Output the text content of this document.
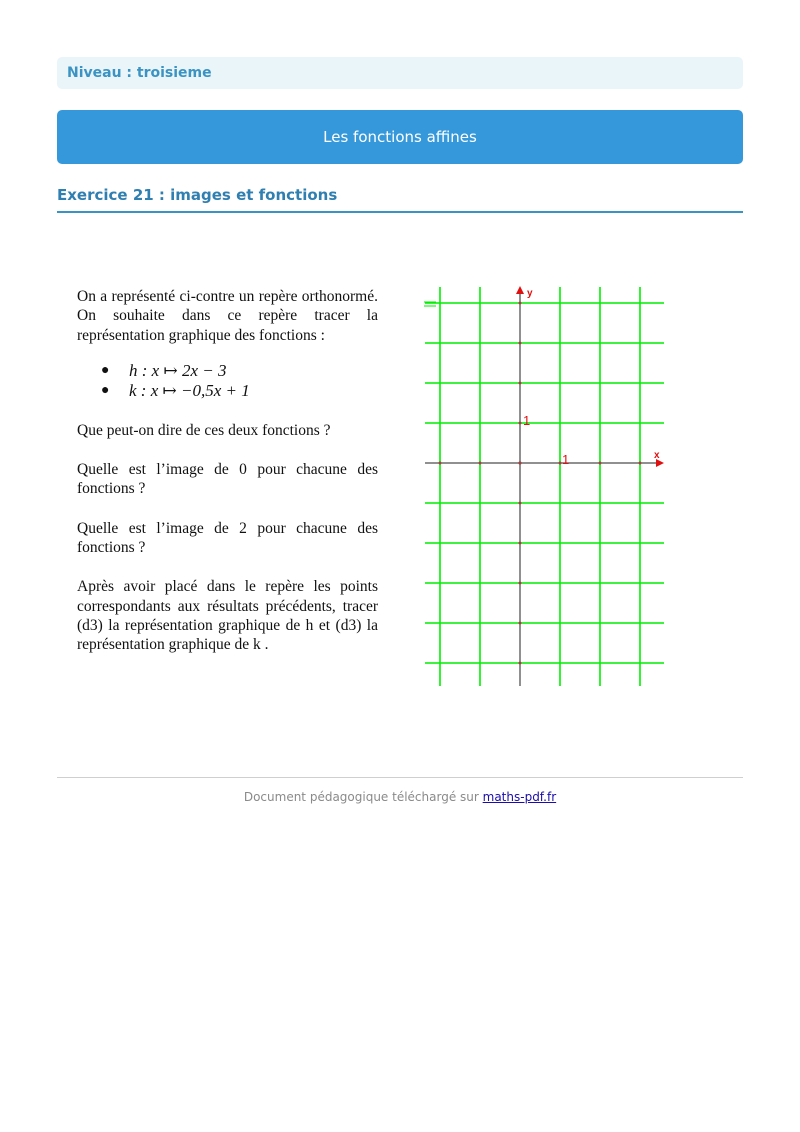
Niveau : troisieme
Les fonctions affines
Exercice 21 : images et fonctions

On a représenté ci-contre un repère orthonormé. On souhaite dans ce repère tracer la représentation graphique des fonctions :

● h : x ↦ 2x − 3
● k : x ↦ −0,5x + 1

Que peut-on dire de ces deux fonctions ?

Quelle est l’image de 0 pour chacune des fonctions ?

Quelle est l’image de 2 pour chacune des fonctions ?

Après avoir placé dans le repère les points correspondants aux résultats précédents, tracer (d3) la représentation graphique de h et (d3) la représentation graphique de k .

x
y
1
1
Document pédagogique téléchargé sur maths-pdf.fr
